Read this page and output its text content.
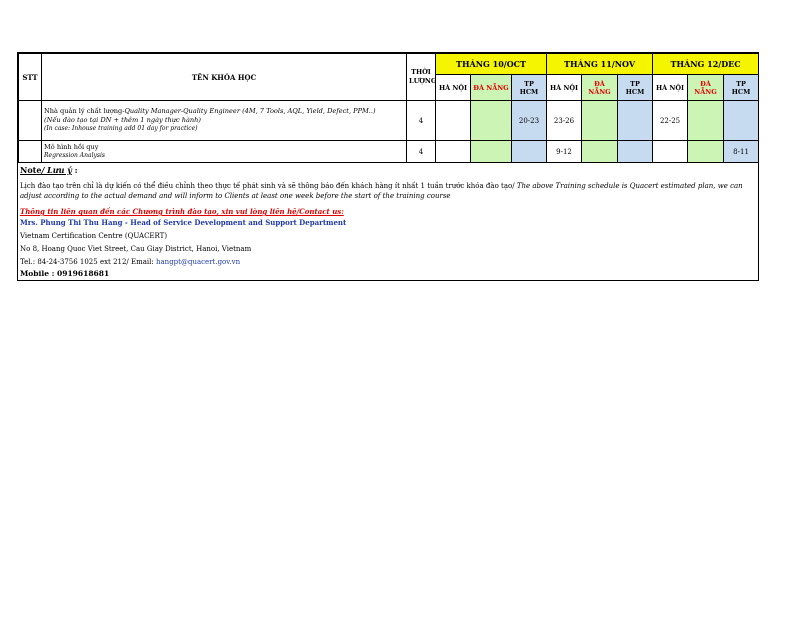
STT	TÊN KHÓA HỌC	THỜI LƯỢNG	THÁNG 10/OCT			THÁNG 11/NOV			THÁNG 12/DEC		
			HÀ NỘI	ĐÀ NẴNG	TP HCM	HÀ NỘI	ĐÀ NẴNG	TP HCM	HÀ NỘI	ĐÀ NẴNG	TP HCM
	Nhà quản lý chất lượng-Quality Manager-Quality Engineer (4M, 7 Tools, AQL, Yield, Defect, PPM..)
(Nếu đào tạo tại DN + thêm 1 ngày thực hành)
(In case: Inhouse training add 01 day for practice)	4			20-23	23-26			22-25		
	Mô hình hồi quy
Regression Analysis	4				9-12					8-11
Note/ Lưu ý :
Lịch đào tạo trên chỉ là dự kiến có thể điều chỉnh theo thực tế phát sinh và sẽ thông báo đến khách hàng ít nhất 1 tuần trước khóa đào tạo/ The above Training schedule is Quacert estimated plan, we can adjust according to the actual demand and will inform to Clients at least one week before the start of the training course
Thông tin liên quan đến các Chương trình đào tạo, xin vui lòng liên hệ/Contact us:
Mrs. Phung Thi Thu Hang - Head of Service Development and Support Department
Vietnam Certification Centre (QUACERT)
No 8, Hoang Quoc Viet Street, Cau Giay District, Hanoi, Vietnam
Tel.: 84-24-3756 1025 ext 212/ Email: hangpt@quacert.gov.vn
Mobile : 0919618681
